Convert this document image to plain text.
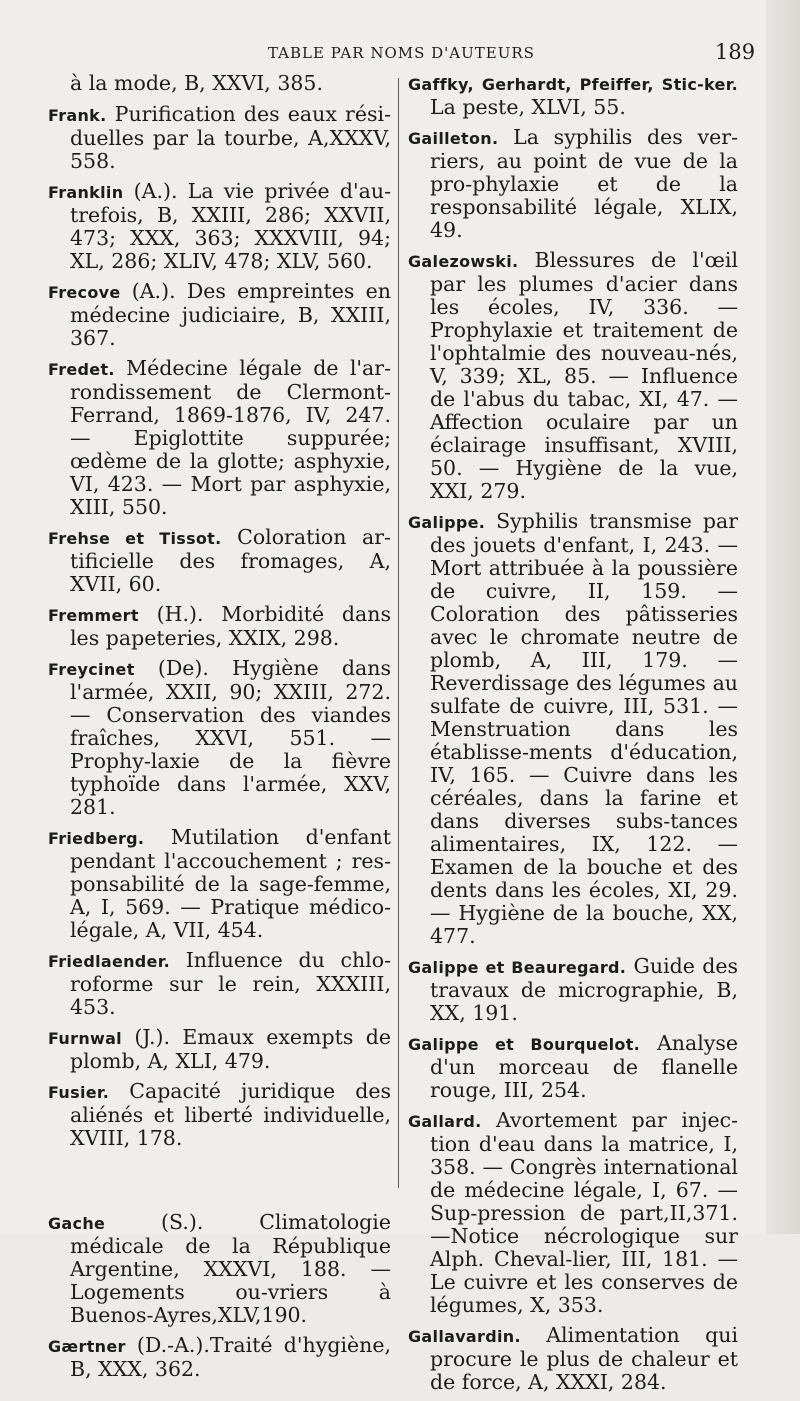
TABLE PAR NOMS D'AUTEURS	189
à la mode, B, XXVI, 385.
Frank. Purification des eaux rési-duelles par la tourbe, A,XXXV, 558.
Franklin (A.). La vie privée d'au-trefois, B, XXIII, 286; XXVII, 473; XXX, 363; XXXVIII, 94; XL, 286; XLIV, 478; XLV, 560.
Frecove (A.). Des empreintes en médecine judiciaire, B, XXIII, 367.
Fredet. Médecine légale de l'ar-rondissement de Clermont-Ferrand, 1869-1876, IV, 247. — Epiglottite suppurée; œdème de la glotte; asphyxie, VI, 423. — Mort par asphyxie, XIII, 550.
Frehse et Tissot. Coloration ar-tificielle des fromages, A, XVII, 60.
Fremmert (H.). Morbidité dans les papeteries, XXIX, 298.
Freycinet (De). Hygiène dans l'armée, XXII, 90; XXIII, 272. — Conservation des viandes fraîches, XXVI, 551. — Prophy-laxie de la fièvre typhoïde dans l'armée, XXV, 281.
Friedberg. Mutilation d'enfant pendant l'accouchement ; res-ponsabilité de la sage-femme, A, I, 569. — Pratique médico-légale, A, VII, 454.
Friedlaender. Influence du chlo-roforme sur le rein, XXXIII, 453.
Furnwal (J.). Emaux exempts de plomb, A, XLI, 479.
Fusier. Capacité juridique des aliénés et liberté individuelle, XVIII, 178.
Gache (S.). Climatologie médicale de la République Argentine, XXXVI, 188. — Logements ou-vriers à Buenos-Ayres,XLV,190.
Gærtner (D.-A.).Traité d'hygiène, B, XXX, 362.
Gaffky, Gerhardt, Pfeiffer, Stic-ker. La peste, XLVI, 55.
Gailleton. La syphilis des ver-riers, au point de vue de la pro-phylaxie et de la responsabilité légale, XLIX, 49.
Galezowski. Blessures de l'œil par les plumes d'acier dans les écoles, IV, 336. — Prophylaxie et traitement de l'ophtalmie des nouveau-nés, V, 339; XL, 85. — Influence de l'abus du tabac, XI, 47. — Affection oculaire par un éclairage insuffisant, XVIII, 50. — Hygiène de la vue, XXI, 279.
Galippe. Syphilis transmise par des jouets d'enfant, I, 243. — Mort attribuée à la poussière de cuivre, II, 159. — Coloration des pâtisseries avec le chromate neutre de plomb, A, III, 179. — Reverdissage des légumes au sulfate de cuivre, III, 531. — Menstruation dans les établisse-ments d'éducation, IV, 165. — Cuivre dans les céréales, dans la farine et dans diverses subs-tances alimentaires, IX, 122. — Examen de la bouche et des dents dans les écoles, XI, 29.— Hygiène de la bouche, XX, 477.
Galippe et Beauregard. Guide des travaux de micrographie, B, XX, 191.
Galippe et Bourquelot. Analyse d'un morceau de flanelle rouge, III, 254.
Gallard. Avortement par injec-tion d'eau dans la matrice, I, 358. — Congrès international de médecine légale, I, 67. — Sup-pression de part,II,371.—Notice nécrologique sur Alph. Cheval-lier, III, 181. — Le cuivre et les conserves de légumes, X, 353.
Gallavardin. Alimentation qui procure le plus de chaleur et de force, A, XXXI, 284.
